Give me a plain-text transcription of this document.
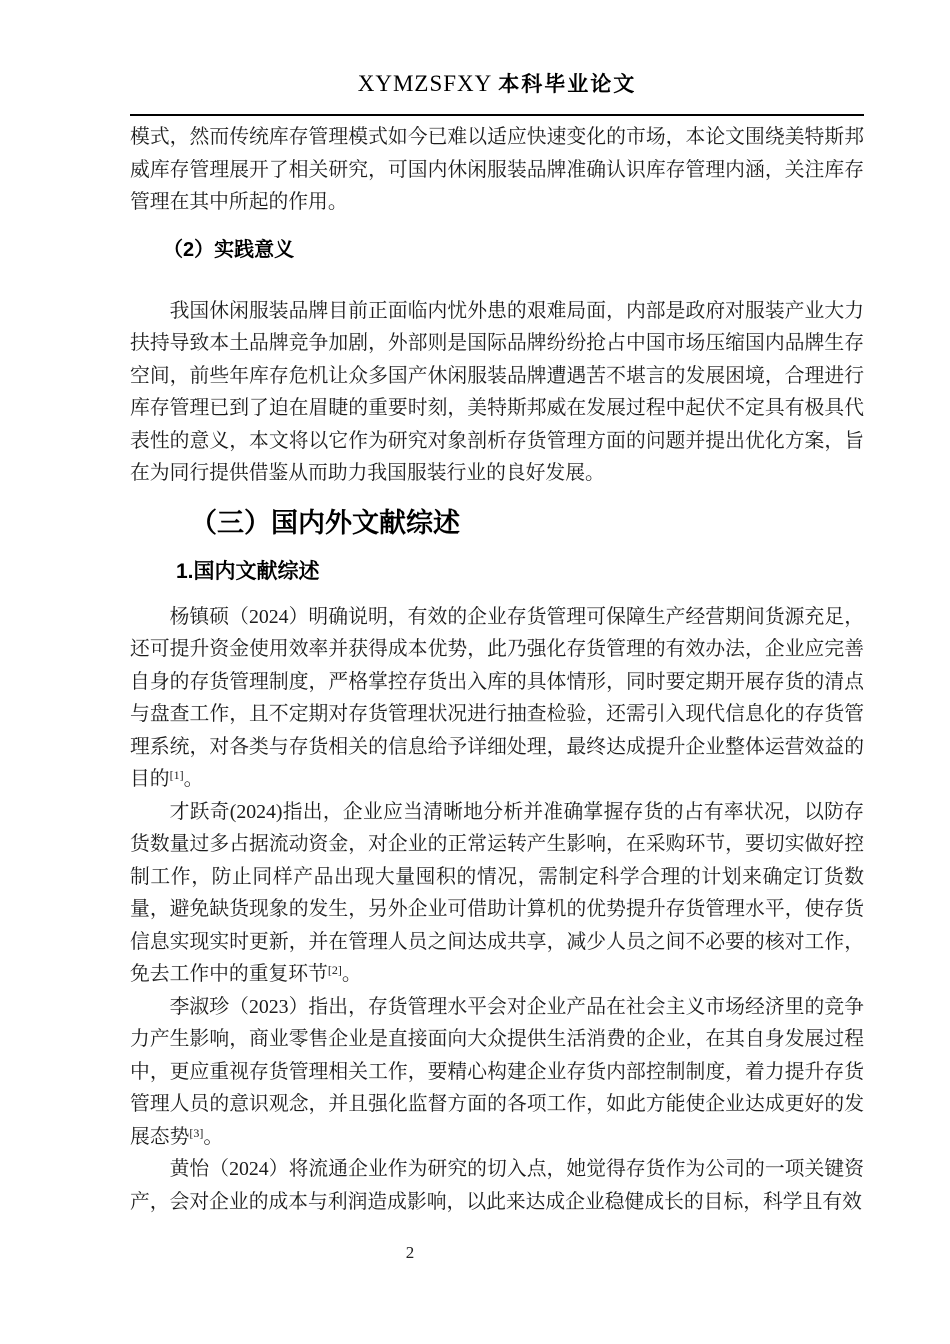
XYMZSFXY 本科毕业论文

模式，然而传统库存管理模式如今已难以适应快速变化的市场，本论文围绕美特斯邦威库存管理展开了相关研究，可国内休闲服装品牌准确认识库存管理内涵，关注库存管理在其中所起的作用。

（2）实践意义

我国休闲服装品牌目前正面临内忧外患的艰难局面，内部是政府对服装产业大力扶持导致本土品牌竞争加剧，外部则是国际品牌纷纷抢占中国市场压缩国内品牌生存空间，前些年库存危机让众多国产休闲服装品牌遭遇苦不堪言的发展困境，合理进行库存管理已到了迫在眉睫的重要时刻，美特斯邦威在发展过程中起伏不定具有极具代表性的意义，本文将以它作为研究对象剖析存货管理方面的问题并提出优化方案，旨在为同行提供借鉴从而助力我国服装行业的良好发展。

（三）国内外文献综述
1.国内文献综述

杨镇硕（2024）明确说明，有效的企业存货管理可保障生产经营期间货源充足，还可提升资金使用效率并获得成本优势，此乃强化存货管理的有效办法，企业应完善自身的存货管理制度，严格掌控存货出入库的具体情形，同时要定期开展存货的清点与盘查工作，且不定期对存货管理状况进行抽查检验，还需引入现代信息化的存货管理系统，对各类与存货相关的信息给予详细处理，最终达成提升企业整体运营效益的目的[1]。

才跃奇(2024)指出，企业应当清晰地分析并准确掌握存货的占有率状况，以防存货数量过多占据流动资金，对企业的正常运转产生影响，在采购环节，要切实做好控制工作，防止同样产品出现大量囤积的情况，需制定科学合理的计划来确定订货数量，避免缺货现象的发生，另外企业可借助计算机的优势提升存货管理水平，使存货信息实现实时更新，并在管理人员之间达成共享，减少人员之间不必要的核对工作，免去工作中的重复环节[2]。

李淑珍（2023）指出，存货管理水平会对企业产品在社会主义市场经济里的竞争力产生影响，商业零售企业是直接面向大众提供生活消费的企业，在其自身发展过程中，更应重视存货管理相关工作，要精心构建企业存货内部控制制度，着力提升存货管理人员的意识观念，并且强化监督方面的各项工作，如此方能使企业达成更好的发展态势[3]。

黄怡（2024）将流通企业作为研究的切入点，她觉得存货作为公司的一项关键资产，会对企业的成本与利润造成影响，以此来达成企业稳健成长的目标，科学且有效

2
